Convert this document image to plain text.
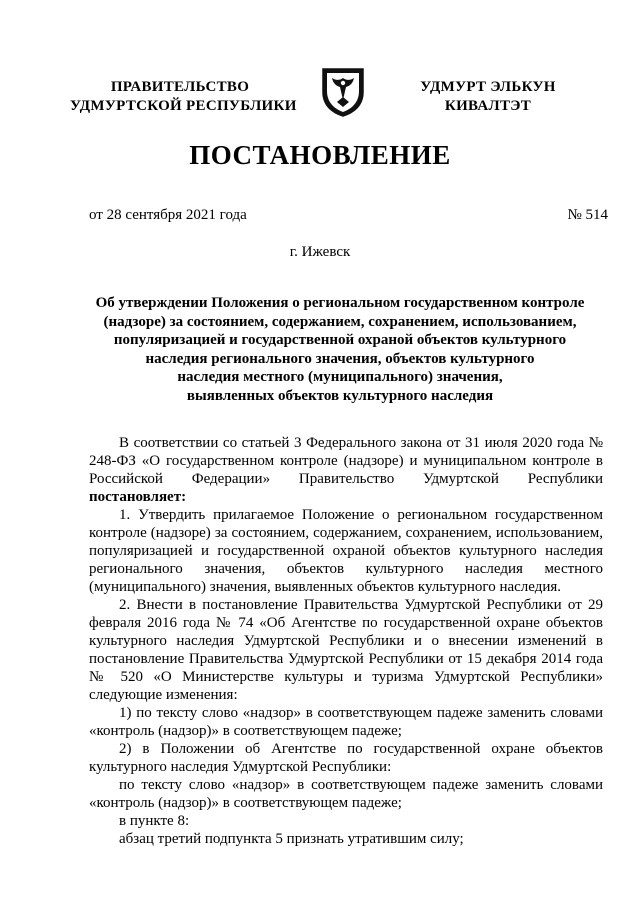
ПРАВИТЕЛЬСТВО
УДМУРТСКОЙ РЕСПУБЛИКИ
УДМУРТ ЭЛЬКУН
КИВАЛТЭТ
ПОСТАНОВЛЕНИЕ
от 28 сентября 2021 года	№ 514
г. Ижевск
Об утверждении Положения о региональном государственном контроле
(надзоре) за состоянием, содержанием, сохранением, использованием,
популяризацией и государственной охраной объектов культурного
наследия регионального значения, объектов культурного
наследия местного (муниципального) значения,
выявленных объектов культурного наследия

В соответствии со статьей 3 Федерального закона от 31 июля 2020 года № 248-ФЗ «О государственном контроле (надзоре) и муниципальном контроле в Российской Федерации» Правительство Удмуртской Республики постановляет:

1. Утвердить прилагаемое Положение о региональном государственном контроле (надзоре) за состоянием, содержанием, сохранением, использованием, популяризацией и государственной охраной объектов культурного наследия регионального значения, объектов культурного наследия местного (муниципального) значения, выявленных объектов культурного наследия.

2. Внести в постановление Правительства Удмуртской Республики от 29 февраля 2016 года № 74 «Об Агентстве по государственной охране объектов культурного наследия Удмуртской Республики и о внесении изменений в постановление Правительства Удмуртской Республики от 15 декабря 2014 года № 520 «О Министерстве культуры и туризма Удмуртской Республики» следующие изменения:

1) по тексту слово «надзор» в соответствующем падеже заменить словами «контроль (надзор)» в соответствующем падеже;

2) в Положении об Агентстве по государственной охране объектов культурного наследия Удмуртской Республики:

по тексту слово «надзор» в соответствующем падеже заменить словами «контроль (надзор)» в соответствующем падеже;

в пункте 8:

абзац третий подпункта 5 признать утратившим силу;
